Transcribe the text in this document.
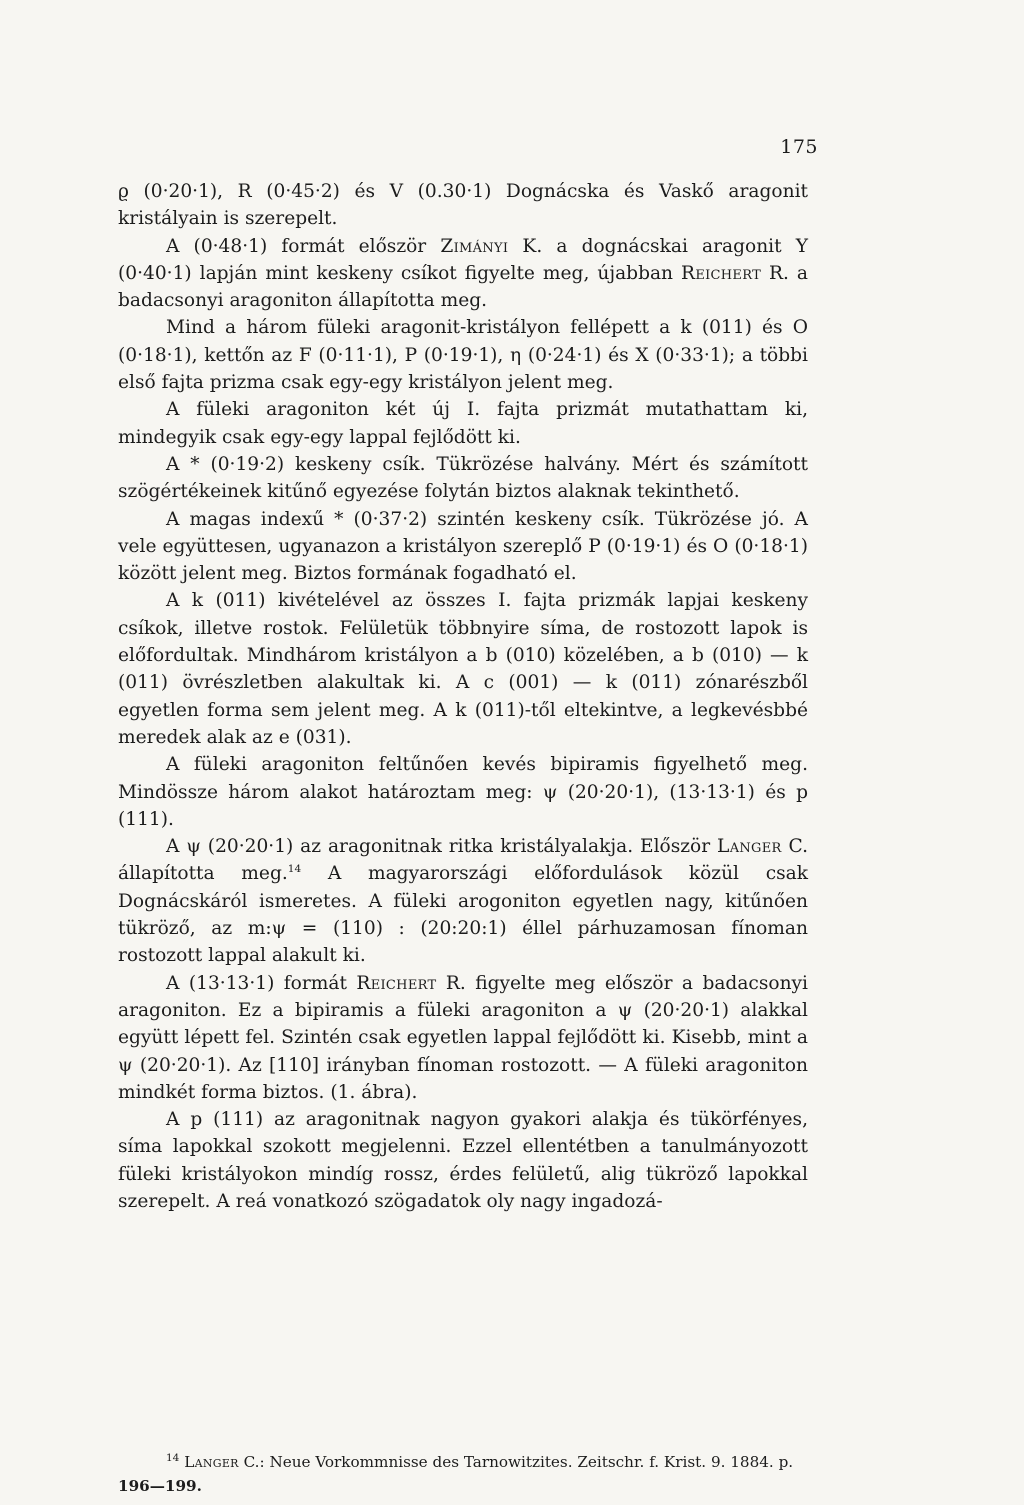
175

ϱ (0·20·1), R (0·45·2) és V (0.30·1) Dognácska és Vaskő aragonit kristályain is szerepelt.

A (0·48·1) formát először Zimányi K. a dognácskai aragonit Y (0·40·1) lapján mint keskeny csíkot figyelte meg, újabban Reichert R. a badacsonyi aragoniton állapította meg.

Mind a három füleki aragonit-kristályon fellépett a k (011) és O (0·18·1), kettőn az F (0·11·1), P (0·19·1), η (0·24·1) és X (0·33·1); a többi első fajta prizma csak egy-egy kristályon jelent meg.

A füleki aragoniton két új I. fajta prizmát mutathattam ki, mindegyik csak egy-egy lappal fejlődött ki.

A * (0·19·2) keskeny csík. Tükrözése halvány. Mért és számított szögértékeinek kitűnő egyezése folytán biztos alaknak tekinthető.

A magas indexű * (0·37·2) szintén keskeny csík. Tükrözése jó. A vele együttesen, ugyanazon a kristályon szereplő P (0·19·1) és O (0·18·1) között jelent meg. Biztos formának fogadható el.

A k (011) kivételével az összes I. fajta prizmák lapjai keskeny csíkok, illetve rostok. Felületük többnyire síma, de rostozott lapok is előfordultak. Mindhárom kristályon a b (010) közelében, a b (010) — k (011) övrészletben alakultak ki. A c (001) — k (011) zónarészből egyetlen forma sem jelent meg. A k (011)-től eltekintve, a legkevésbbé meredek alak az e (031).

A füleki aragoniton feltűnően kevés bipiramis figyelhető meg. Mindössze három alakot határoztam meg: ψ (20·20·1), (13·13·1) és p (111).

A ψ (20·20·1) az aragonitnak ritka kristályalakja. Először Langer C. állapította meg.$^{14}$ A magyarországi előfordulások közül csak Dognácskáról ismeretes. A füleki arogoniton egyetlen nagy, kitűnően tükröző, az m:ψ = (110) : (20:20:1) éllel párhuzamosan fínoman rostozott lappal alakult ki.

A (13·13·1) formát Reichert R. figyelte meg először a badacsonyi aragoniton. Ez a bipiramis a füleki aragoniton a ψ (20·20·1) alakkal együtt lépett fel. Szintén csak egyetlen lappal fejlődött ki. Kisebb, mint a ψ (20·20·1). Az [110] irányban fínoman rostozott. — A füleki aragoniton mindkét forma biztos. (1. ábra).

A p (111) az aragonitnak nagyon gyakori alakja és tükörfényes, síma lapokkal szokott megjelenni. Ezzel ellentétben a tanulmányozott füleki kristályokon mindíg rossz, érdes felületű, alig tükröző lapokkal szerepelt. A reá vonatkozó szögadatok oly nagy ingadozá-

$^{14}$ Langer C.: Neue Vorkommnisse des Tarnowitzites. Zeitschr. f. Krist. 9. 1884. p. 196—199.
